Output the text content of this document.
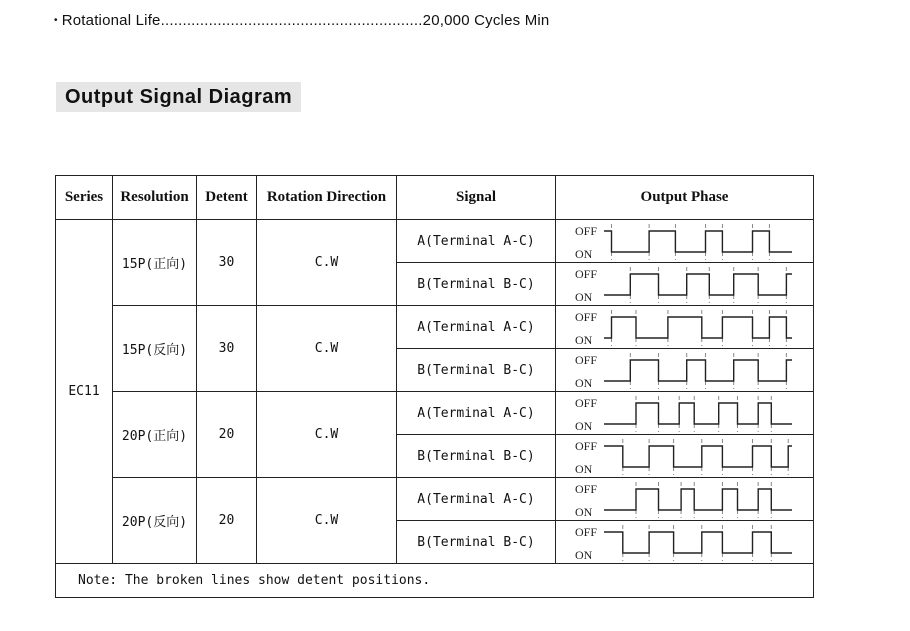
• Rotational Life............................................................20,000 Cycles Min
Output Signal Diagram
Series	Resolution	Detent	Rotation Direction	Signal	Output Phase
EC11	15P(正向)	30	C.W	A(Terminal A-C)	OFF
ON

				B(Terminal B-C)	OFF
ON

	15P(反向)	30	C.W	A(Terminal A-C)	OFF
ON

				B(Terminal B-C)	OFF
ON

	20P(正向)	20	C.W	A(Terminal A-C)	OFF
ON

				B(Terminal B-C)	OFF
ON

	20P(反向)	20	C.W	A(Terminal A-C)	OFF
ON

				B(Terminal B-C)	OFF
ON

Note: The broken lines show detent positions.					
